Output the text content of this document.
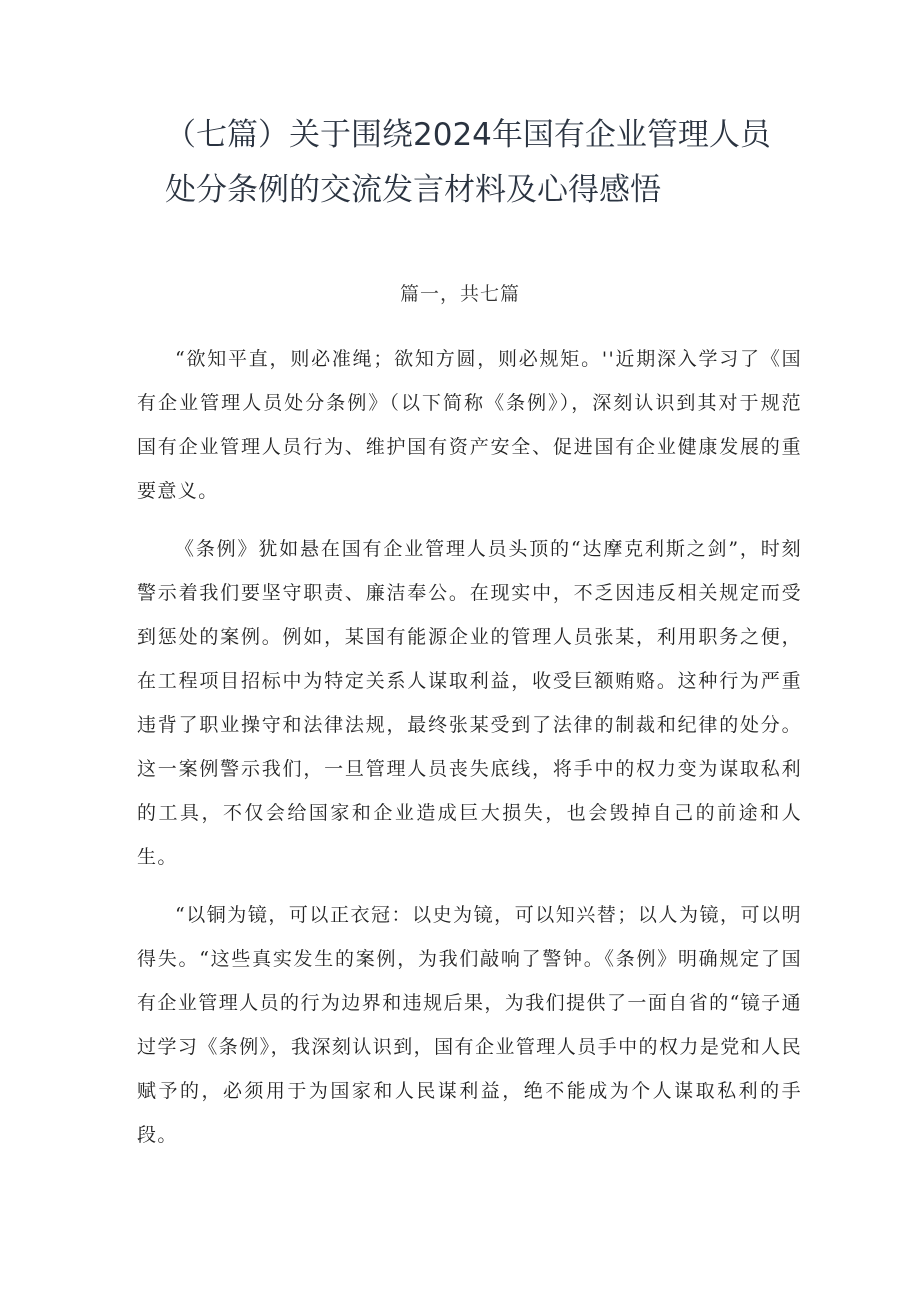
（七篇）关于围绕2024年国有企业管理人员
处分条例的交流发言材料及心得感悟
篇一，共七篇

“欲知平直，则必准绳；欲知方圆，则必规矩。''近期深入学习了《国有企业管理人员处分条例》（以下简称《条例》），深刻认识到其对于规范国有企业管理人员行为、维护国有资产安全、促进国有企业健康发展的重要意义。

《条例》犹如悬在国有企业管理人员头顶的“达摩克利斯之剑”，时刻警示着我们要坚守职责、廉洁奉公。在现实中，不乏因违反相关规定而受到惩处的案例。例如，某国有能源企业的管理人员张某，利用职务之便，在工程项目招标中为特定关系人谋取利益，收受巨额贿赂。这种行为严重违背了职业操守和法律法规，最终张某受到了法律的制裁和纪律的处分。这一案例警示我们，一旦管理人员丧失底线，将手中的权力变为谋取私利的工具，不仅会给国家和企业造成巨大损失，也会毁掉自己的前途和人生。

“以铜为镜，可以正衣冠：以史为镜，可以知兴替；以人为镜，可以明得失。“这些真实发生的案例，为我们敲响了警钟。《条例》明确规定了国有企业管理人员的行为边界和违规后果，为我们提供了一面自省的“镜子通过学习《条例》，我深刻认识到，国有企业管理人员手中的权力是党和人民赋予的，必须用于为国家和人民谋利益，绝不能成为个人谋取私利的手段。
